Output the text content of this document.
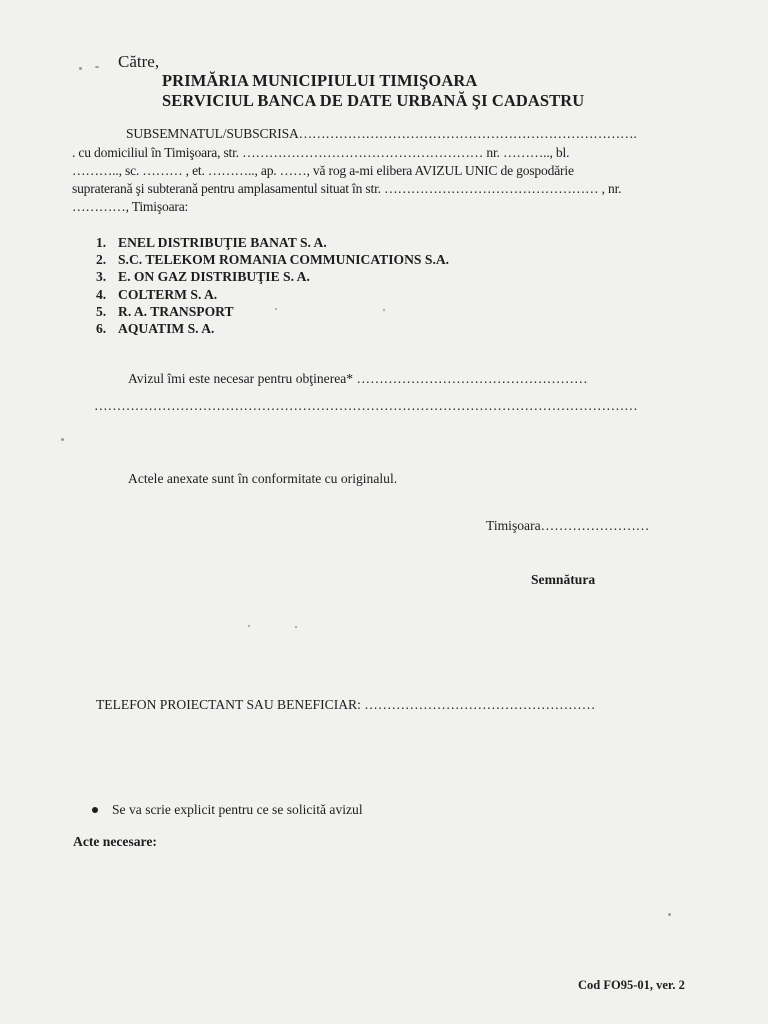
Către,
PRIMĂRIA MUNICIPIULUI TIMIŞOARA
SERVICIUL BANCA DE DATE URBANĂ ŞI CADASTRU
SUBSEMNATUL/SUBSCRISA………………………………………………………………….
. cu domiciliul în Timişoara, str. ……………………………………………… nr. ……….., bl.
……….., sc. ……… , et. ……….., ap. ……, vă rog a-mi elibera AVIZUL UNIC de gospodărie
suprateranǎ şi subteranǎ pentru amplasamentul situat în str. ………………………………………… , nr.
…………, Timişoara:
1. ENEL DISTRIBUŢIE BANAT S. A.
2. S.C. TELEKOM ROMANIA COMMUNICATIONS S.A.
3. E. ON GAZ DISTRIBUŢIE S. A.
4. COLTERM S. A.
5. R. A. TRANSPORT
6. AQUATIM S. A.
Avizul îmi este necesar pentru obţinerea* ……………………………………………
…………………………………………………………………………………………………………
Actele anexate sunt în conformitate cu originalul.
Timişoara……………………
Semnătura
TELEFON PROIECTANT SAU BENEFICIAR: ……………………………………………
Se va scrie explicit pentru ce se solicitǎ avizul
Acte necesare:
Cod FO95-01, ver. 2
